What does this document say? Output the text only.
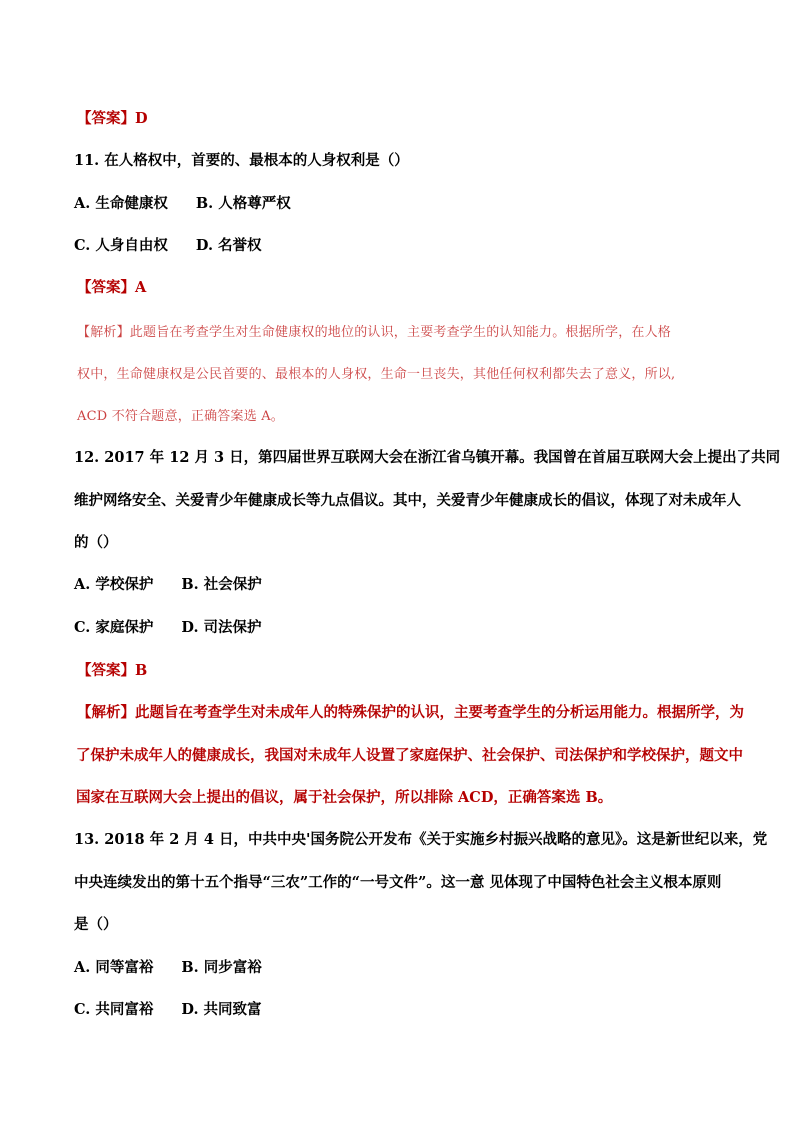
【答案】D
11. 在人格权中，首要的、最根本的人身权利是（）
A. 生命健康权 B. 人格尊严权
C. 人身自由权 D. 名誉权
【答案】A
【解析】此题旨在考查学生对生命健康权的地位的认识，主要考查学生的认知能力。根据所学，在人格
权中，生命健康权是公民首要的、最根本的人身权，生命一旦丧失，其他任何权利都失去了意义，所以,
ACD 不符合题意，正确答案选 A。
12. 2017 年 12 月 3 日，第四届世界互联网大会在浙江省乌镇开幕。我国曾在首届互联网大会上提出了共同
维护网络安全、关爱青少年健康成长等九点倡议。其中，关爱青少年健康成长的倡议，体现了对未成年人
的（）
A. 学校保护 B. 社会保护
C. 家庭保护 D. 司法保护
【答案】B
【解析】此题旨在考查学生对未成年人的特殊保护的认识，主要考查学生的分析运用能力。根据所学，为
了保护未成年人的健康成长，我国对未成年人设置了家庭保护、社会保护、司法保护和学校保护，题文中
国家在互联网大会上提出的倡议，属于社会保护，所以排除 ACD，正确答案选 B。
13. 2018 年 2 月 4 日，中共中央'国务院公开发布《关于实施乡村振兴战略的意见》。这是新世纪以来，党
中央连续发出的第十五个指导“三农”工作的“一号文件”。这一意 见体现了中国特色社会主义根本原则
是（）
A. 同等富裕 B. 同步富裕
C. 共同富裕 D. 共同致富
